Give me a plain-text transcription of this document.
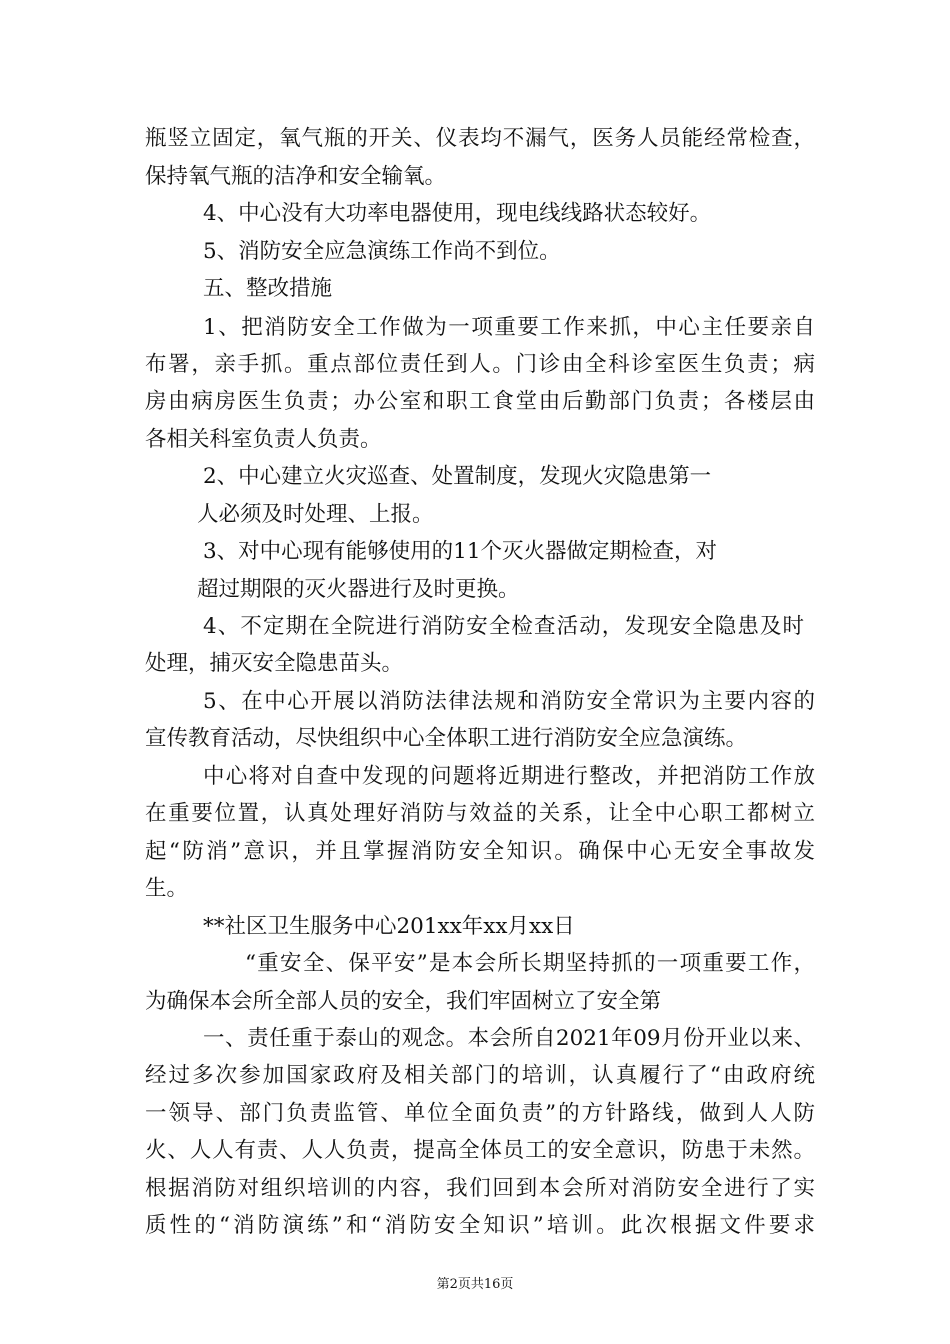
瓶竖立固定，氧气瓶的开关、仪表均不漏气，医务人员能经常检查，
保持氧气瓶的洁净和安全输氧。
4、中心没有大功率电器使用，现电线线路状态较好。
5、消防安全应急演练工作尚不到位。
五、整改措施
1、把消防安全工作做为一项重要工作来抓，中心主任要亲自
布署，亲手抓。重点部位责任到人。门诊由全科诊室医生负责；病
房由病房医生负责；办公室和职工食堂由后勤部门负责；各楼层由
各相关科室负责人负责。
2、中心建立火灾巡查、处置制度，发现火灾隐患第一
人必须及时处理、上报。
3、对中心现有能够使用的11个灭火器做定期检查，对
超过期限的灭火器进行及时更换。
4、不定期在全院进行消防安全检查活动，发现安全隐患及时
处理，捕灭安全隐患苗头。
5、在中心开展以消防法律法规和消防安全常识为主要内容的
宣传教育活动，尽快组织中心全体职工进行消防安全应急演练。
中心将对自查中发现的问题将近期进行整改，并把消防工作放
在重要位置，认真处理好消防与效益的关系，让全中心职工都树立
起“防消”意识，并且掌握消防安全知识。确保中心无安全事故发
生。
**社区卫生服务中心201xx年xx月xx日
“重安全、保平安”是本会所长期坚持抓的一项重要工作，
为确保本会所全部人员的安全，我们牢固树立了安全第
一、责任重于泰山的观念。本会所自2021年09月份开业以来、
经过多次参加国家政府及相关部门的培训，认真履行了“由政府统
一领导、部门负责监管、单位全面负责”的方针路线，做到人人防
火、人人有责、人人负责，提高全体员工的安全意识，防患于未然。
根据消防对组织培训的内容，我们回到本会所对消防安全进行了实
质性的“消防演练”和“消防安全知识”培训。此次根据文件要求
第2页共16页
